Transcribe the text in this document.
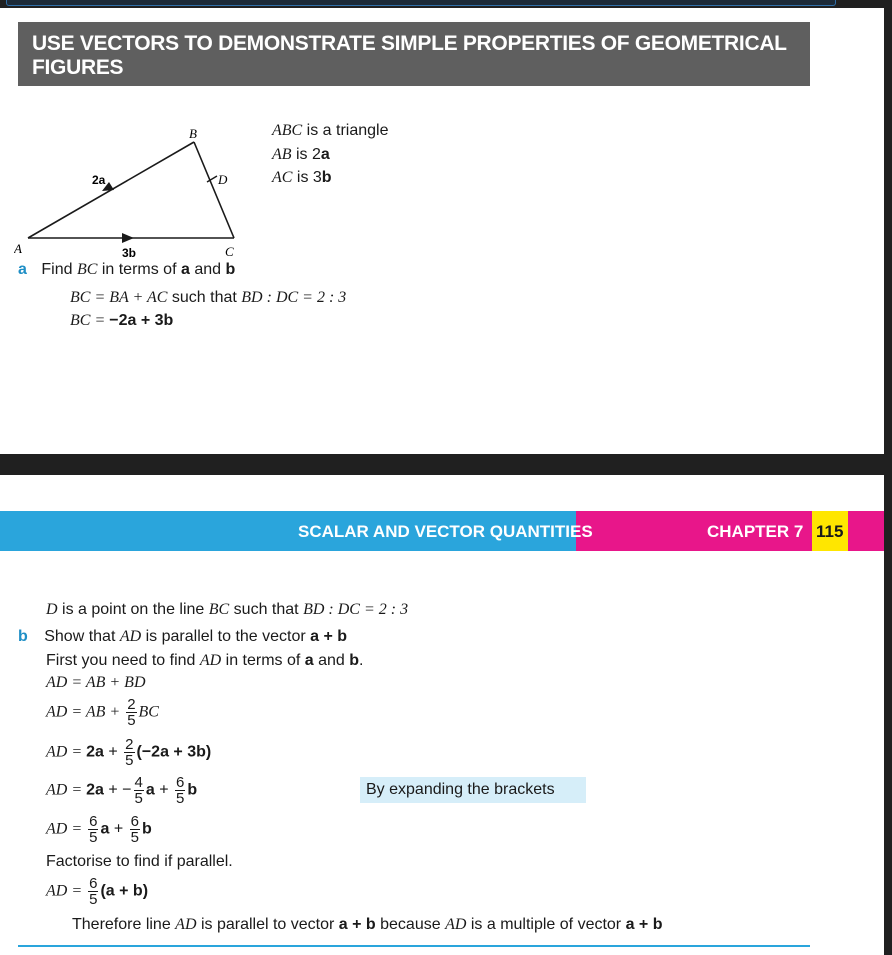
USE VECTORS TO DEMONSTRATE SIMPLE PROPERTIES OF GEOMETRICAL FIGURES
A
B
C
D
2a
3b
ABC is a triangle
AB is 2a
AC is 3b
a Find BC in terms of a and b
BC = BA + AC such that BD : DC = 2 : 3
BC = −2a + 3b
SCALAR AND VECTOR QUANTITIES	CHAPTER 7 115
D is a point on the line BC such that BD : DC = 2 : 3
b Show that AD is parallel to the vector a + b
First you need to find AD in terms of a and b.
AD = AB + BD
AD = AB + $\frac{2}{5}$ BC
AD = $2a + \frac{2}{5} (-2a + 3b)$
AD = 2a + − $\frac{4}{5}$ $a + \frac{6}{5}$ b	By expanding the brackets
AD = $\frac{6}{5}$ $a + \frac{6}{5}$ b
Factorise to find if parallel.
AD = $\frac{6}{5} (a + b)$
Therefore line AD is parallel to vector a + b because AD is a multiple of vector a + b
